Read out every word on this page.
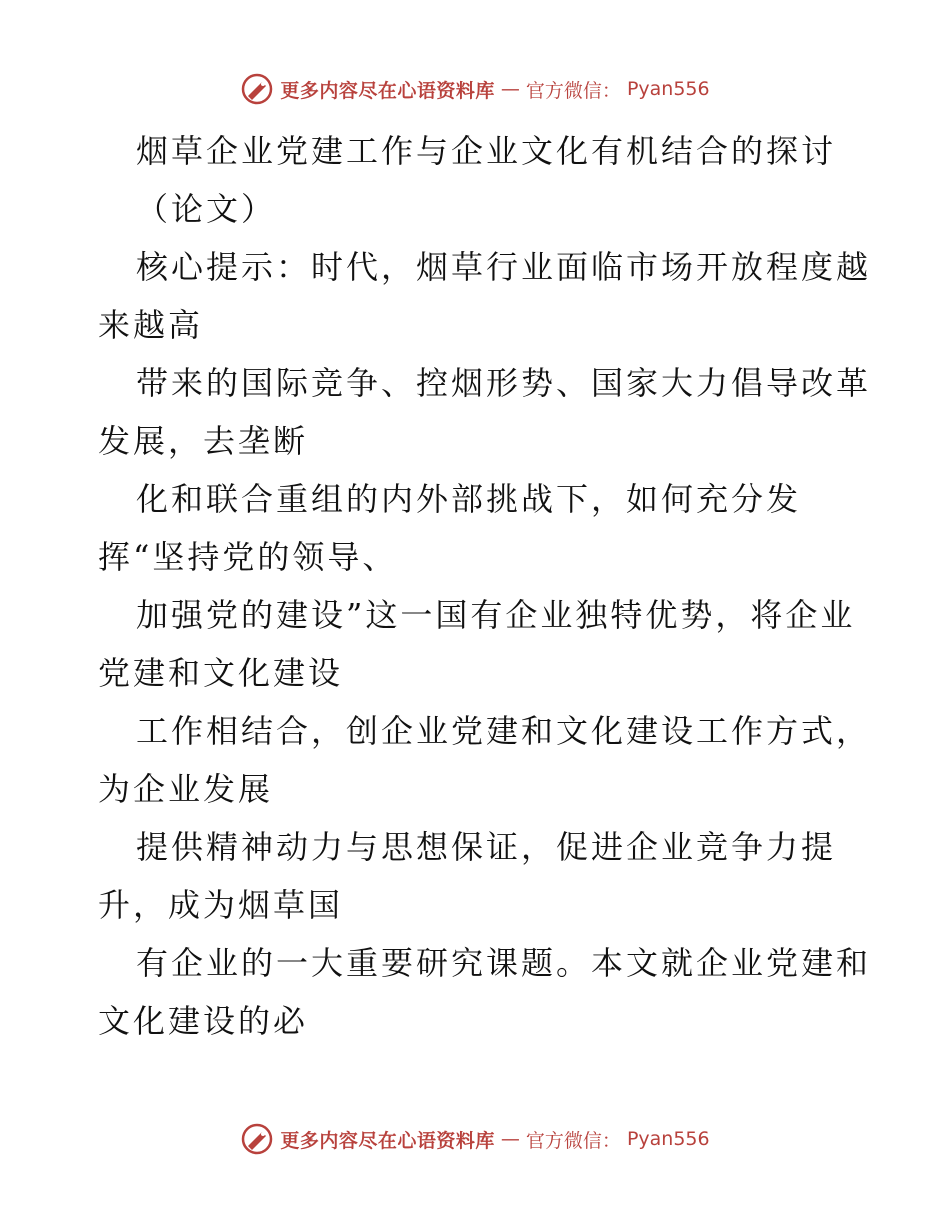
更多内容尽在心语资料库 — 官方微信： Pyan556
烟草企业党建工作与企业文化有机结合的探讨
（论文）
核心提示：时代，烟草行业面临市场开放程度越
来越高
带来的国际竞争、控烟形势、国家大力倡导改革
发展，去垄断
化和联合重组的内外部挑战下，如何充分发
挥“坚持党的领导、
加强党的建设”这一国有企业独特优势，将企业
党建和文化建设
工作相结合，创企业党建和文化建设工作方式，
为企业发展
提供精神动力与思想保证，促进企业竞争力提
升，成为烟草国
有企业的一大重要研究课题。本文就企业党建和
文化建设的必
更多内容尽在心语资料库 — 官方微信： Pyan556
